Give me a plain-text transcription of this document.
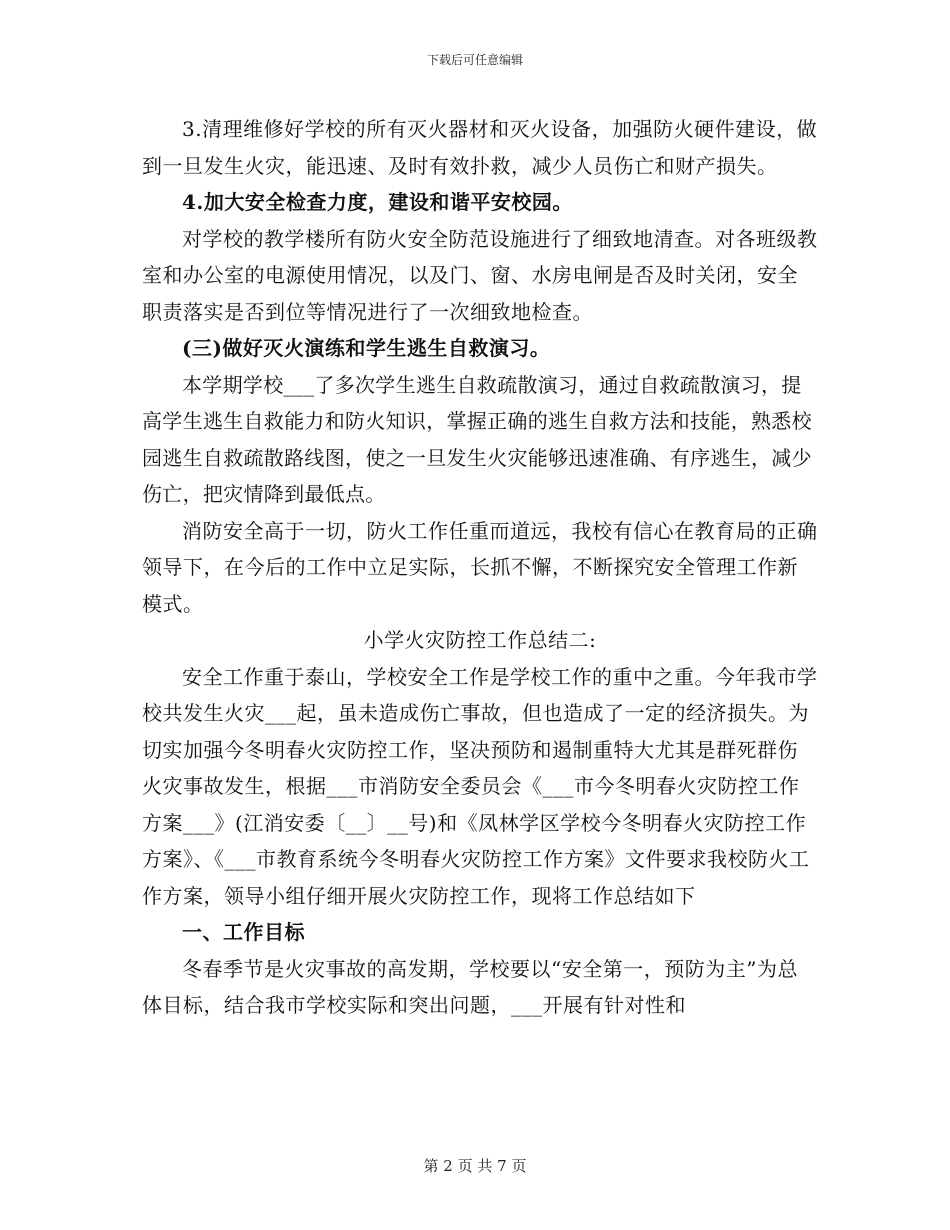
下载后可任意编辑

3.清理维修好学校的所有灭火器材和灭火设备，加强防火硬件建设，做到一旦发生火灾，能迅速、及时有效扑救，减少人员伤亡和财产损失。

4.加大安全检查力度，建设和谐平安校园。

对学校的教学楼所有防火安全防范设施进行了细致地清查。对各班级教室和办公室的电源使用情况，以及门、窗、水房电闸是否及时关闭，安全职责落实是否到位等情况进行了一次细致地检查。

(三)做好灭火演练和学生逃生自救演习。

本学期学校___了多次学生逃生自救疏散演习，通过自救疏散演习，提高学生逃生自救能力和防火知识，掌握正确的逃生自救方法和技能，熟悉校园逃生自救疏散路线图，使之一旦发生火灾能够迅速准确、有序逃生，减少伤亡，把灾情降到最低点。

消防安全高于一切，防火工作任重而道远，我校有信心在教育局的正确领导下，在今后的工作中立足实际，长抓不懈，不断探究安全管理工作新模式。

小学火灾防控工作总结二:

安全工作重于泰山，学校安全工作是学校工作的重中之重。今年我市学校共发生火灾___起，虽未造成伤亡事故，但也造成了一定的经济损失。为切实加强今冬明春火灾防控工作，坚决预防和遏制重特大尤其是群死群伤火灾事故发生，根据___市消防安全委员会《___市今冬明春火灾防控工作方案___》(江消安委〔__〕__号)和《凤林学区学校今冬明春火灾防控工作方案》、《___市教育系统今冬明春火灾防控工作方案》文件要求我校防火工作方案，领导小组仔细开展火灾防控工作，现将工作总结如下

一、工作目标

冬春季节是火灾事故的高发期，学校要以“安全第一，预防为主”为总体目标，结合我市学校实际和突出问题，___开展有针对性和

第 2 页 共 7 页
